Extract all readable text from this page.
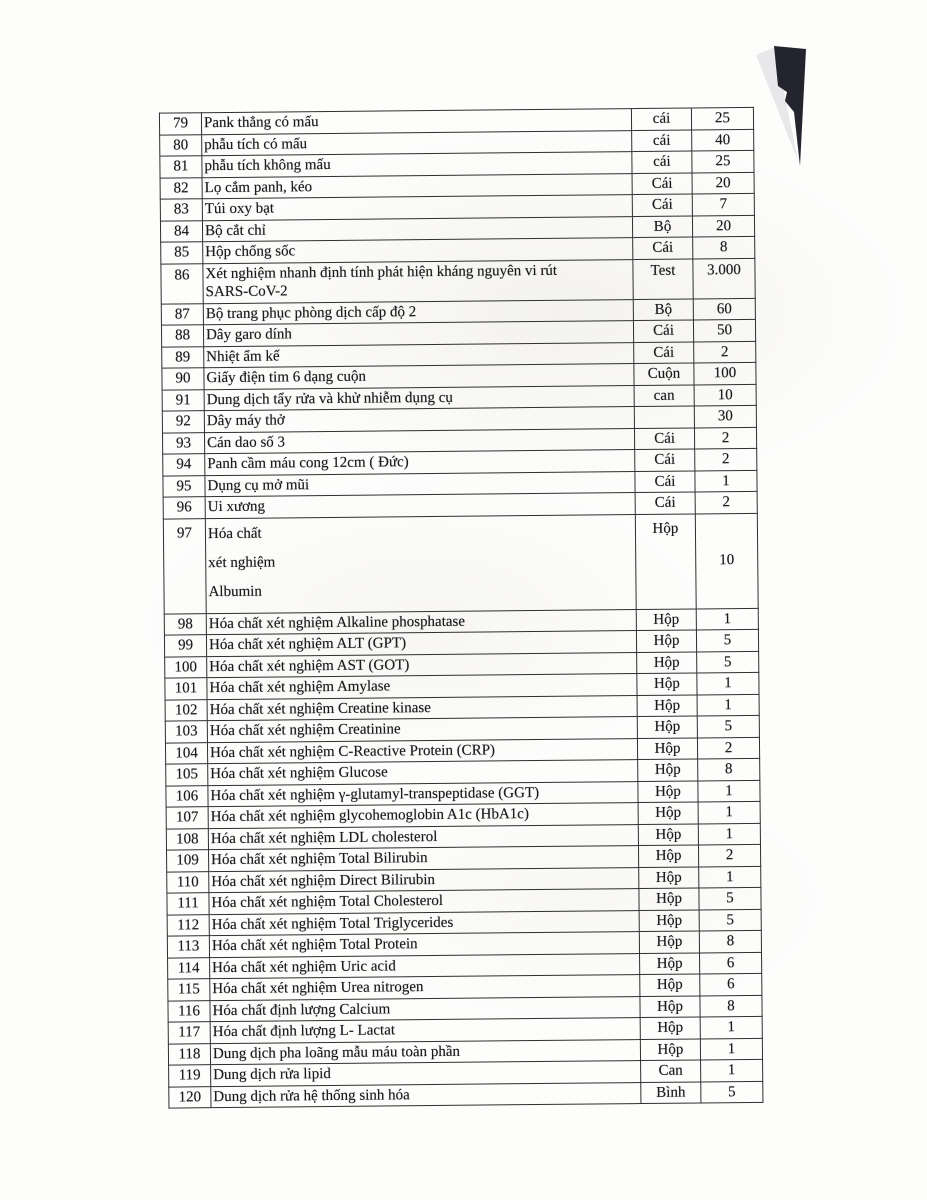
79	Pank thẳng có mấu	cái	25
80	phẫu tích có mấu	cái	40
81	phẫu tích không mấu	cái	25
82	Lọ cắm panh, kéo	Cái	20
83	Túi oxy bạt	Cái	7
84	Bộ cắt chỉ	Bộ	20
85	Hộp chống sốc	Cái	8
86	Xét nghiệm nhanh định tính phát hiện kháng nguyên vi rút
SARS-CoV-2	Test	3.000
87	Bộ trang phục phòng dịch cấp độ 2	Bộ	60
88	Dây garo dính	Cái	50
89	Nhiệt ẩm kế	Cái	2
90	Giấy điện tim 6 dạng cuộn	Cuộn	100
91	Dung dịch tẩy rửa và khử nhiễm dụng cụ	can	10
92	Dây máy thở		30
93	Cán dao số 3	Cái	2
94	Panh cầm máu cong 12cm ( Đức)	Cái	2
95	Dụng cụ mở mũi	Cái	1
96	Ui xương	Cái	2
97	Hóa chất
xét nghiệm
Albumin	Hộp	10
98	Hóa chất xét nghiệm Alkaline phosphatase	Hộp	1
99	Hóa chất xét nghiệm ALT (GPT)	Hộp	5
100	Hóa chất xét nghiệm AST (GOT)	Hộp	5
101	Hóa chất xét nghiệm Amylase	Hộp	1
102	Hóa chất xét nghiệm Creatine kinase	Hộp	1
103	Hóa chất xét nghiệm Creatinine	Hộp	5
104	Hóa chất xét nghiệm C-Reactive Protein (CRP)	Hộp	2
105	Hóa chất xét nghiệm Glucose	Hộp	8
106	Hóa chất xét nghiệm γ-glutamyl-transpeptidase (GGT)	Hộp	1
107	Hóa chất xét nghiệm glycohemoglobin A1c (HbA1c)	Hộp	1
108	Hóa chất xét nghiệm LDL cholesterol	Hộp	1
109	Hóa chất xét nghiệm Total Bilirubin	Hộp	2
110	Hóa chất xét nghiệm Direct Bilirubin	Hộp	1
111	Hóa chất xét nghiệm Total Cholesterol	Hộp	5
112	Hóa chất xét nghiệm Total Triglycerides	Hộp	5
113	Hóa chất xét nghiệm Total Protein	Hộp	8
114	Hóa chất xét nghiệm Uric acid	Hộp	6
115	Hóa chất xét nghiệm Urea nitrogen	Hộp	6
116	Hóa chất định lượng Calcium	Hộp	8
117	Hóa chất định lượng L- Lactat	Hộp	1
118	Dung dịch pha loãng mẫu máu toàn phần	Hộp	1
119	Dung dịch rửa lipid	Can	1
120	Dung dịch rửa hệ thống sinh hóa	Bình	5
